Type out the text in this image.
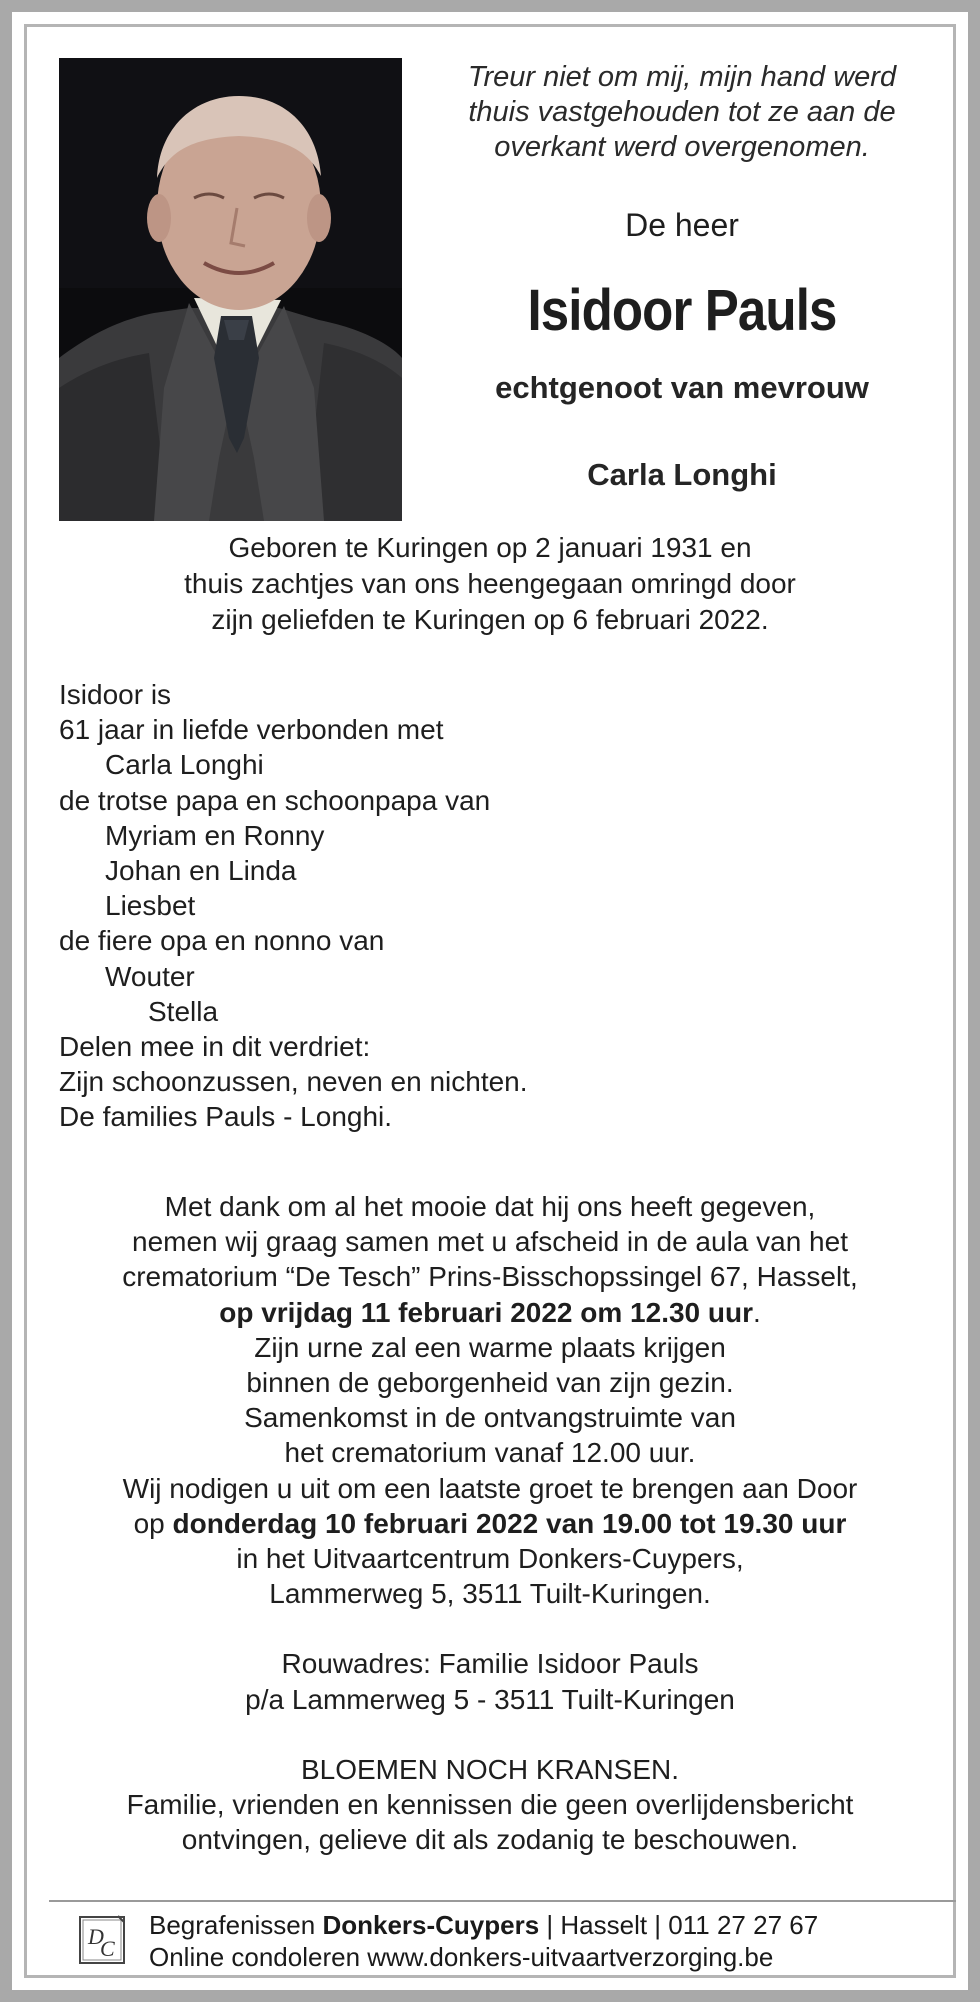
Treur niet om mij, mijn hand werd
thuis vastgehouden tot ze aan de
overkant werd overgenomen.

De heer
Isidoor Pauls
echtgenoot van mevrouw
Carla Longhi
Geboren te Kuringen op 2 januari 1931 en
thuis zachtjes van ons heengegaan omringd door
zijn geliefden te Kuringen op 6 februari 2022.
Isidoor is
61 jaar in liefde verbonden met
Carla Longhi
de trotse papa en schoonpapa van
Myriam en Ronny
Johan en Linda
Liesbet
de fiere opa en nonno van
Wouter
Stella
Delen mee in dit verdriet:
Zijn schoonzussen, neven en nichten.
De families Pauls - Longhi.
Met dank om al het mooie dat hij ons heeft gegeven,
nemen wij graag samen met u afscheid in de aula van het
crematorium “De Tesch” Prins-Bisschopssingel 67, Hasselt,
op vrijdag 11 februari 2022 om 12.30 uur.
Zijn urne zal een warme plaats krijgen
binnen de geborgenheid van zijn gezin.
Samenkomst in de ontvangstruimte van
het crematorium vanaf 12.00 uur.
Wij nodigen u uit om een laatste groet te brengen aan Door
op donderdag 10 februari 2022 van 19.00 tot 19.30 uur
in het Uitvaartcentrum Donkers-Cuypers,
Lammerweg 5, 3511 Tuilt-Kuringen.
Rouwadres: Familie Isidoor Pauls
p/a Lammerweg 5 - 3511 Tuilt-Kuringen
BLOEMEN NOCH KRANSEN.
Familie, vrienden en kennissen die geen overlijdensbericht
ontvingen, gelieve dit als zodanig te beschouwen.
D
C
Begrafenissen Donkers-Cuypers | Hasselt | 011 27 27 67
Online condoleren www.donkers-uitvaartverzorging.be
